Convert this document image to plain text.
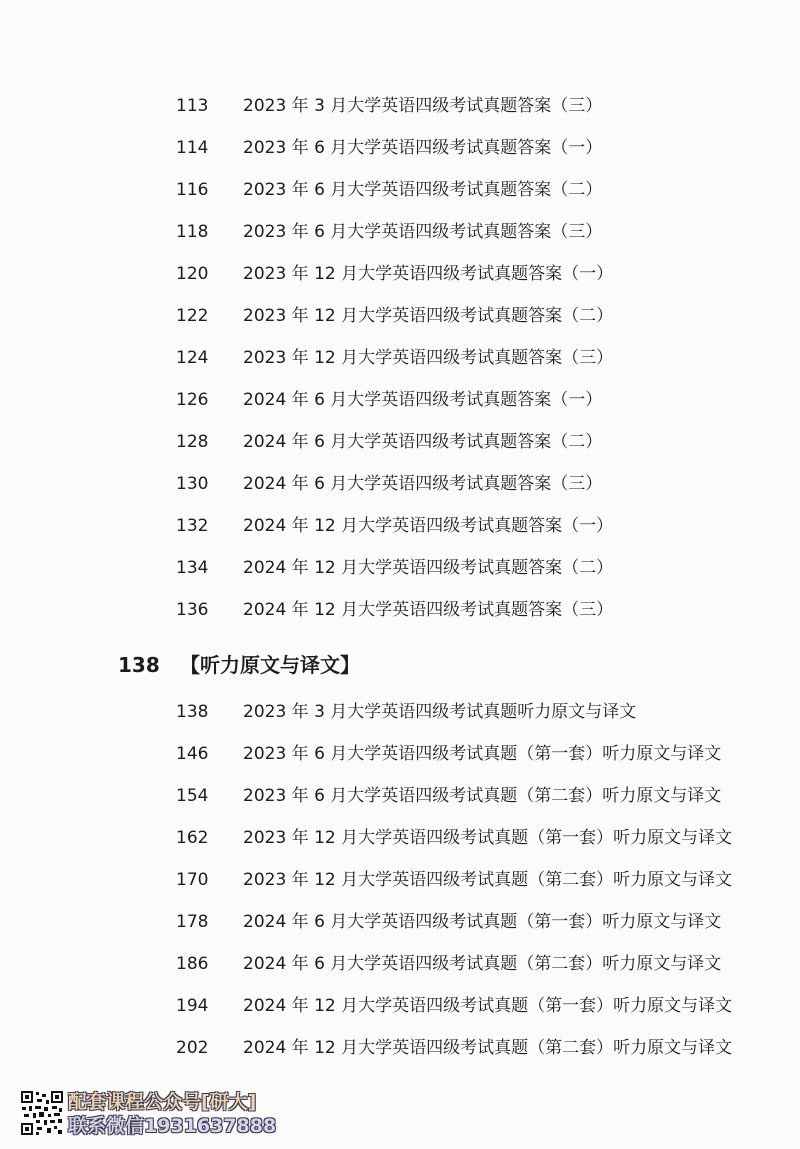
113 2023 年 3 月大学英语四级考试真题答案（三）
114 2023 年 6 月大学英语四级考试真题答案（一）
116 2023 年 6 月大学英语四级考试真题答案（二）
118 2023 年 6 月大学英语四级考试真题答案（三）
120 2023 年 12 月大学英语四级考试真题答案（一）
122 2023 年 12 月大学英语四级考试真题答案（二）
124 2023 年 12 月大学英语四级考试真题答案（三）
126 2024 年 6 月大学英语四级考试真题答案（一）
128 2024 年 6 月大学英语四级考试真题答案（二）
130 2024 年 6 月大学英语四级考试真题答案（三）
132 2024 年 12 月大学英语四级考试真题答案（一）
134 2024 年 12 月大学英语四级考试真题答案（二）
136 2024 年 12 月大学英语四级考试真题答案（三）
138 【听力原文与译文】
138 2023 年 3 月大学英语四级考试真题听力原文与译文
146 2023 年 6 月大学英语四级考试真题（第一套）听力原文与译文
154 2023 年 6 月大学英语四级考试真题（第二套）听力原文与译文
162 2023 年 12 月大学英语四级考试真题（第一套）听力原文与译文
170 2023 年 12 月大学英语四级考试真题（第二套）听力原文与译文
178 2024 年 6 月大学英语四级考试真题（第一套）听力原文与译文
186 2024 年 6 月大学英语四级考试真题（第二套）听力原文与译文
194 2024 年 12 月大学英语四级考试真题（第一套）听力原文与译文
202 2024 年 12 月大学英语四级考试真题（第二套）听力原文与译文
配套课程公众号[研大]
联系微信1931637888
